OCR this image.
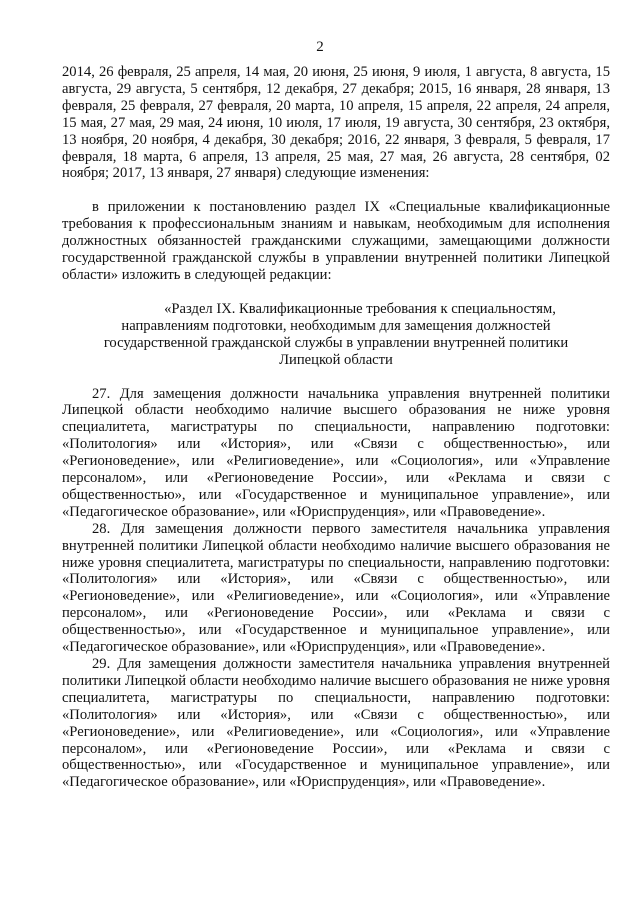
2

2014, 26 февраля, 25 апреля, 14 мая, 20 июня, 25 июня, 9 июля, 1 августа, 8 августа, 15 августа, 29 августа, 5 сентября, 12 декабря, 27 декабря; 2015, 16 января, 28 января, 13 февраля, 25 февраля, 27 февраля, 20 марта, 10 апреля, 15 апреля, 22 апреля, 24 апреля, 15 мая, 27 мая, 29 мая, 24 июня, 10 июля, 17 июля, 19 августа, 30 сентября, 23 октября, 13 ноября, 20 ноября, 4 декабря, 30 декабря; 2016, 22 января, 3 февраля, 5 февраля, 17 февраля, 18 марта, 6 апреля, 13 апреля, 25 мая, 27 мая, 26 августа, 28 сентября, 02 ноября; 2017, 13 января, 27 января) следующие изменения:

в приложении к постановлению раздел IX «Специальные квалификационные требования к профессиональным знаниям и навыкам, необходимым для исполнения должностных обязанностей гражданскими служащими, замещающими должности государственной гражданской службы в управлении внутренней политики Липецкой области» изложить в следующей редакции:

«Раздел IX. Квалификационные требования к специальностям,
направлениям подготовки, необходимым для замещения должностей
государственной гражданской службы в управлении внутренней политики
Липецкой области

27. Для замещения должности начальника управления внутренней политики Липецкой области необходимо наличие высшего образования не ниже уровня специалитета, магистратуры по специальности, направлению подготовки: «Политология» или «История», или «Связи с общественностью», или «Регионоведение», или «Религиоведение», или «Социология», или «Управление персоналом», или «Регионоведение России», или «Реклама и связи с общественностью», или «Государственное и муниципальное управление», или «Педагогическое образование», или «Юриспруденция», или «Правоведение».

28. Для замещения должности первого заместителя начальника управления внутренней политики Липецкой области необходимо наличие высшего образования не ниже уровня специалитета, магистратуры по специальности, направлению подготовки: «Политология» или «История», или «Связи с общественностью», или «Регионоведение», или «Религиоведение», или «Социология», или «Управление персоналом», или «Регионоведение России», или «Реклама и связи с общественностью», или «Государственное и муниципальное управление», или «Педагогическое образование», или «Юриспруденция», или «Правоведение».

29. Для замещения должности заместителя начальника управления внутренней политики Липецкой области необходимо наличие высшего образования не ниже уровня специалитета, магистратуры по специальности, направлению подготовки: «Политология» или «История», или «Связи с общественностью», или «Регионоведение», или «Религиоведение», или «Социология», или «Управление персоналом», или «Регионоведение России», или «Реклама и связи с общественностью», или «Государственное и муниципальное управление», или «Педагогическое образование», или «Юриспруденция», или «Правоведение».
